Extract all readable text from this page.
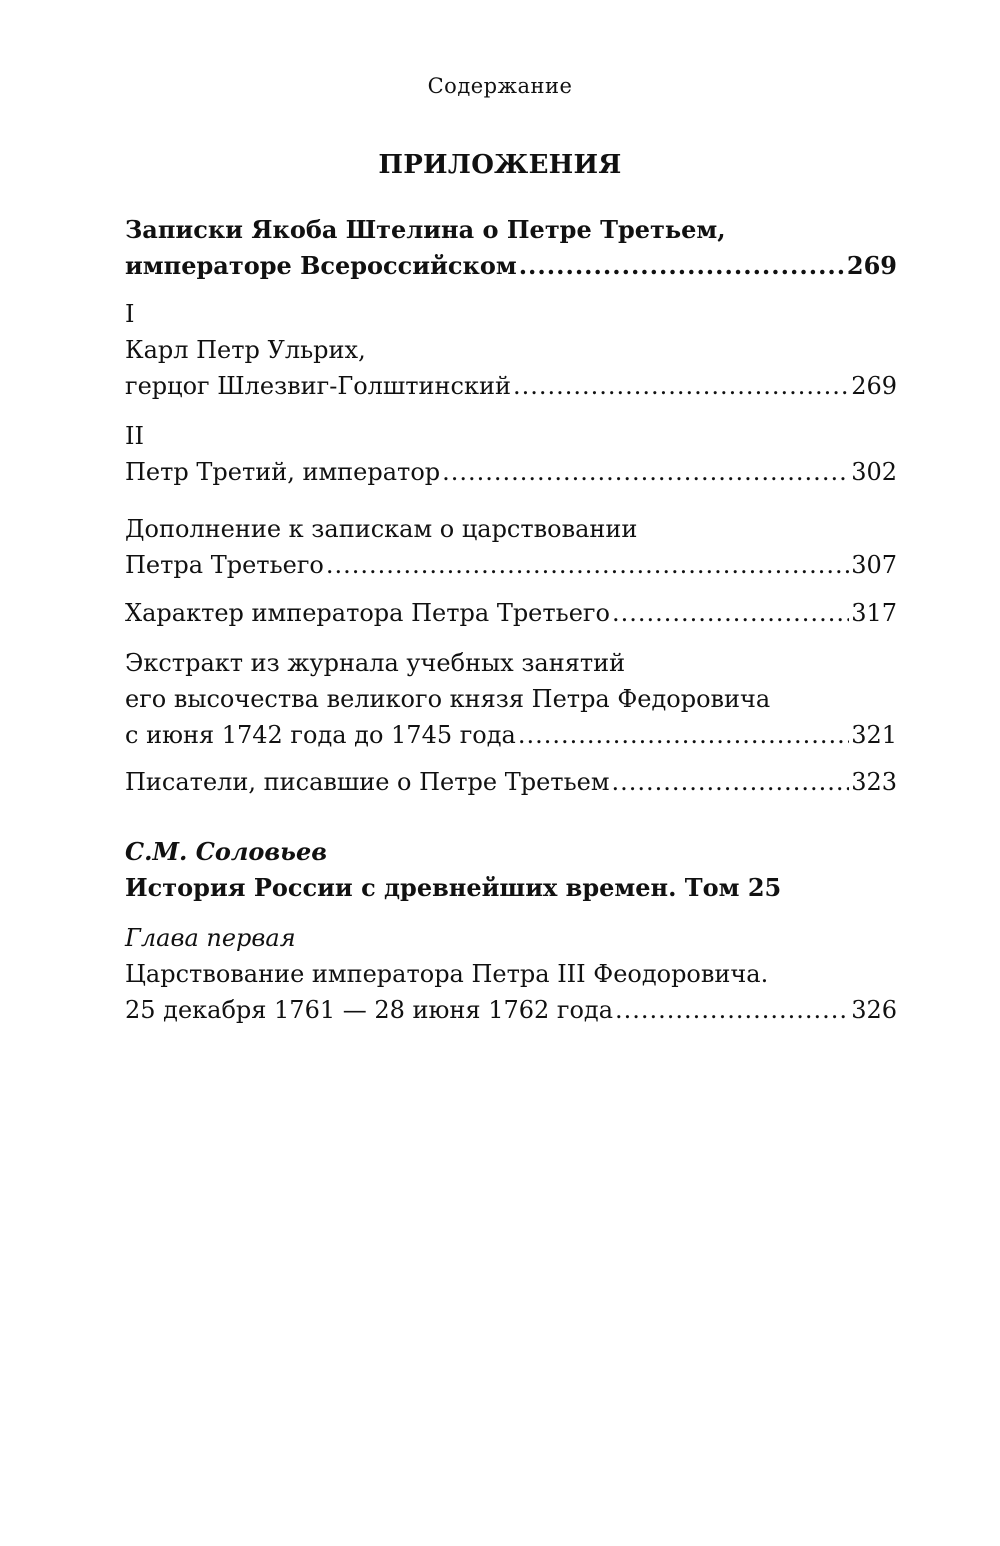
Содержание
ПРИЛОЖЕНИЯ
Записки Якоба Штелина о Петре Третьем,
императоре Всероссийском .....	269
I
Карл Петр Ульрих,
герцог Шлезвиг-Голштинский .....	269
II
Петр Третий, император .....	302
Дополнение к запискам о царствовании
Петра Третьего .....	307
Характер императора Петра Третьего .....	317
Экстракт из журнала учебных занятий
его высочества великого князя Петра Федоровича
с июня 1742 года до 1745 года .....	321
Писатели, писавшие о Петре Третьем .....	323
С.М. Соловьев
История России с древнейших времен. Том 25
Глава первая
Царствование императора Петра III Феодоровича.
25 декабря 1761 — 28 июня 1762 года .....	326
